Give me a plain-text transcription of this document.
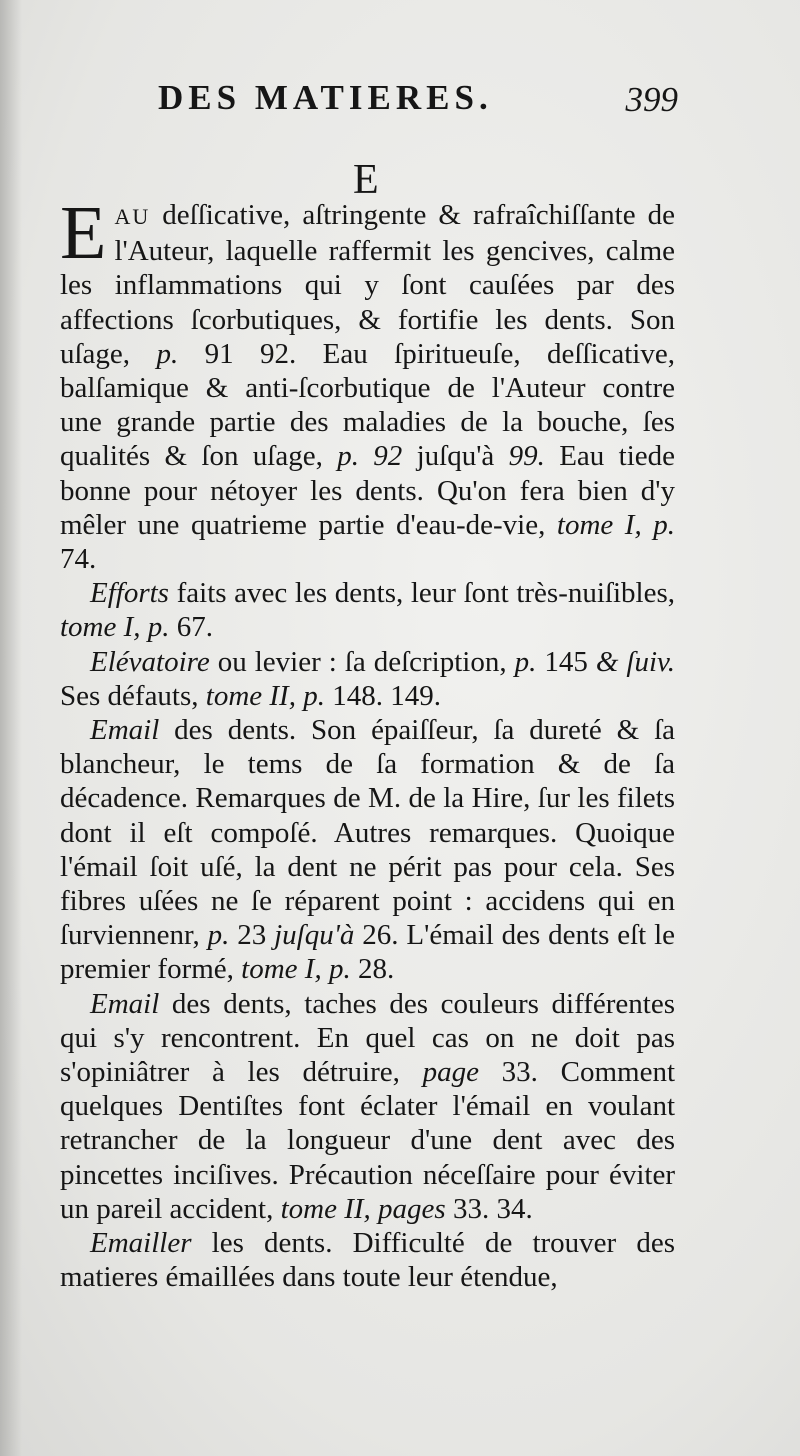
DES MATIERES.	399
E

EAU deſſicative, aſtringente & rafraîchiſſante de l'Auteur, laquelle raffermit les gencives, calme les inflammations qui y ſont cauſées par des affections ſcorbutiques, & fortifie les dents. Son uſage, p. 91 92. Eau ſpiritueuſe, deſſicative, balſamique & anti-ſcorbutique de l'Auteur contre une grande partie des maladies de la bouche, ſes qualités & ſon uſage, p. 92 juſqu'à 99. Eau tiede bonne pour nétoyer les dents. Qu'on fera bien d'y mêler une quatrieme partie d'eau-de-vie, tome I, p. 74.

Efforts faits avec les dents, leur ſont très-nuiſibles, tome I, p. 67.

Elévatoire ou levier : ſa deſcription, p. 145 & ſuiv. Ses défauts, tome II, p. 148. 149.

Email des dents. Son épaiſſeur, ſa dureté & ſa blancheur, le tems de ſa formation & de ſa décadence. Remarques de M. de la Hire, ſur les filets dont il eſt compoſé. Autres remarques. Quoique l'émail ſoit uſé, la dent ne périt pas pour cela. Ses fibres uſées ne ſe réparent point : accidens qui en ſurviennenr, p. 23 juſqu'à 26. L'émail des dents eſt le premier formé, tome I, p. 28.

Email des dents, taches des couleurs différentes qui s'y rencontrent. En quel cas on ne doit pas s'opiniâtrer à les détruire, page 33. Comment quelques Dentiſtes font éclater l'émail en voulant retrancher de la longueur d'une dent avec des pincettes inciſives. Précaution néceſſaire pour éviter un pareil accident, tome II, pages 33. 34.

Emailler les dents. Difficulté de trouver des matieres émaillées dans toute leur étendue,
